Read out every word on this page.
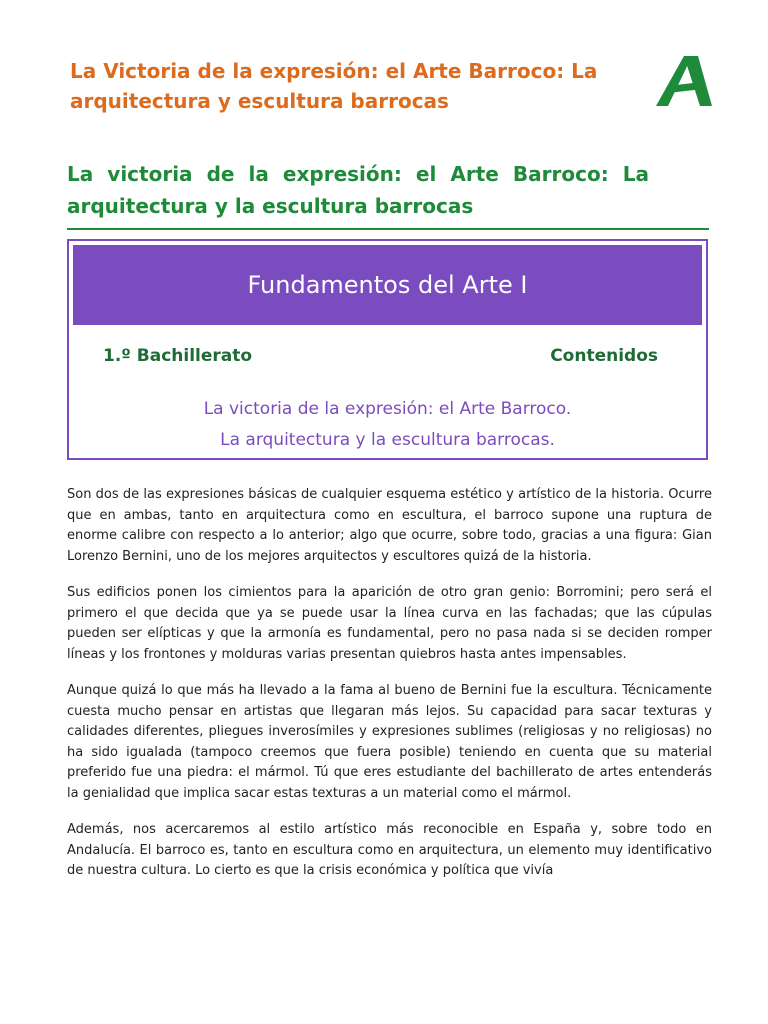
La Victoria de la expresión: el Arte Barroco: La arquitectura y escultura barrocas
La victoria de la expresión: el Arte Barroco: La arquitectura y la escultura barrocas
Fundamentos del Arte I
1.º Bachillerato	Contenidos
La victoria de la expresión: el Arte Barroco.
La arquitectura y la escultura barrocas.

Son dos de las expresiones básicas de cualquier esquema estético y artístico de la historia. Ocurre que en ambas, tanto en arquitectura como en escultura, el barroco supone una ruptura de enorme calibre con respecto a lo anterior; algo que ocurre, sobre todo, gracias a una figura: Gian Lorenzo Bernini, uno de los mejores arquitectos y escultores quizá de la historia.

Sus edificios ponen los cimientos para la aparición de otro gran genio: Borromini; pero será el primero el que decida que ya se puede usar la línea curva en las fachadas; que las cúpulas pueden ser elípticas y que la armonía es fundamental, pero no pasa nada si se deciden romper líneas y los frontones y molduras varias presentan quiebros hasta antes impensables.

Aunque quizá lo que más ha llevado a la fama al bueno de Bernini fue la escultura. Técnicamente cuesta mucho pensar en artistas que llegaran más lejos. Su capacidad para sacar texturas y calidades diferentes, pliegues inverosímiles y expresiones sublimes (religiosas y no religiosas) no ha sido igualada (tampoco creemos que fuera posible) teniendo en cuenta que su material preferido fue una piedra: el mármol. Tú que eres estudiante del bachillerato de artes entenderás la genialidad que implica sacar estas texturas a un material como el mármol.

Además, nos acercaremos al estilo artístico más reconocible en España y, sobre todo en Andalucía. El barroco es, tanto en escultura como en arquitectura, un elemento muy identificativo de nuestra cultura. Lo cierto es que la crisis económica y política que vivía
